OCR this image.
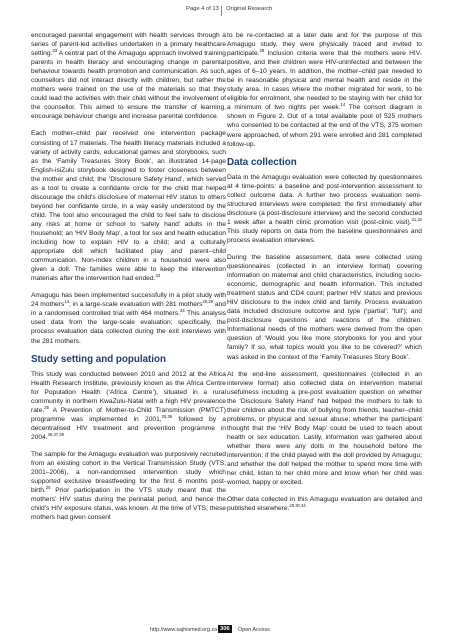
Page 4 of 13 Original Research

encouraged parental engagement with health services through a series of parent-led activities undertaken in a primary healthcare setting.$^{33}$ A central part of the Amagugu approach involved training parents in health literacy and encouraging change in parental behaviour towards health promotion and communication. As such, counsellors did not interact directly with children, but rather the mothers were trained on the use of the materials so that they could lead the activities with their child without the involvement of the counsellor. This aimed to ensure the transfer of learning, encourage behaviour change and increase parental confidence.

Each mother–child pair received one intervention package consisting of 17 materials. The health literacy materials included a variety of activity cards, educational games and storybooks, such as the ‘Family Treasures Story Book’, an illustrated 14-page English-isiZulu storybook designed to foster closeness between the mother and child; the ‘Disclosure Safety Hand’, which served as a tool to create a confidante circle for the child that helped discourage the child’s disclosure of maternal HIV status to others beyond her confidante circle, in a way easily understood by the child. The tool also encouraged the child to feel safe to disclose any risks at home or school to ‘safety hand’ adults in the household; an ‘HIV Body Map’, a tool for sex and health education including how to explain HIV to a child; and a culturally appropriate doll which facilitated play and parent–child communication. Non-index children in a household were also given a doll. The families were able to keep the intervention materials after the intervention had ended.$^{33}$

Amagugu has been implemented successfully in a pilot study with 24 mothers$^{13}$; in a large-scale evaluation with 281 mothers$^{28,29}$ and in a randomised controlled trial with 464 mothers.$^{34}$ This analysis used data from the large-scale evaluation; specifically, the process evaluation data collected during the exit interviews with the 281 mothers.

Study setting and population

This study was conducted between 2010 and 2012 at the Africa Health Research Institute, previously known as the Africa Centre for Population Health (‘Africa Centre’), situated in a rural community in northern KwaZulu-Natal with a high HIV prevalence rate.$^{35}$ A Prevention of Mother-to-Child Transmission (PMTCT) programme was implemented in 2001,$^{25,36}$ followed by a decentralised HIV treatment and prevention programme in 2004.$^{36,37,38}$

The sample for the Amagugu evaluation was purposively recruited from an existing cohort in the Vertical Transmission Study (VTS; 2001–2006), a non-randomised intervention study which supported exclusive breastfeeding for the first 6 months post-birth.$^{25}$ Prior participation in the VTS study meant that the mothers’ HIV status during the perinatal period, and hence the child’s HIV exposure status, was known. At the time of VTS, these mothers had given consent

to be re-contacted at a later date and for the purpose of this Amagugu study, they were physically traced and invited to participate.$^{28}$ Inclusion criteria were that the mothers were HIV-positive, and their children were HIV-uninfected and between the ages of 6–10 years. In addition, the mother–child pair needed to be in reasonable physical and mental health and reside in the study area. In cases where the mother migrated for work, to be eligible for enrolment, she needed to be staying with her child for a minimum of two nights per week.$^{14}$ The consort diagram is shown in Figure 2. Out of a total available pool of 525 mothers who consented to be contacted at the end of the VTS, 375 women were approached, of whom 291 were enrolled and 281 completed follow-up.

Data collection

Data in the Amagugu evaluation were collected by questionnaires at 4 time-points: a baseline and post-intervention assessment to collect outcome data. A further two process evaluation semi-structured interviews were completed: the first immediately after disclosure (a post-disclosure interview) and the second conducted 1 week after a health clinic promotion visit (post-clinic visit).$^{31,32}$ This study reports on data from the baseline questionnaires and process evaluation interviews.

During the baseline assessment, data were collected using questionnaires (collected in an interview format) covering information on maternal and child characteristics, including socio-economic, demographic and health information. This included treatment status and CD4 count; partner HIV status and previous HIV disclosure to the index child and family. Process evaluation data included disclosure outcome and type (‘partial’; ‘full’); and post-disclosure questions and reactions of the children. Informational needs of the mothers were derived from the open question of ‘Would you like more storybooks for you and your family? If so, what topics would you like to be covered?’ which was asked in the context of the ‘Family Treasures Story Book’.

At the end-line assessment, questionnaires (collected in an interview format) also collected data on intervention material usefulness including a pre-post evaluation question on whether the ‘Disclosure Safety Hand’ had helped the mothers to talk to their children about the risk of bullying from friends, teacher–child problems, or physical and sexual abuse; whether the participant thought that the ‘HIV Body Map’ could be used to teach about health or sex education. Lastly, information was gathered about whether there were any dolls in the household before the intervention; if the child played with the doll provided by Amagugu; and whether the doll helped the mother to spend more time with her child, listen to her child more and know when her child was worried, happy or excited.

Other data collected in this Amagugu evaluation are detailed and published elsewhere.$^{29,30,34}$

http://www.sajhivmed.org.za 306	Open Access
